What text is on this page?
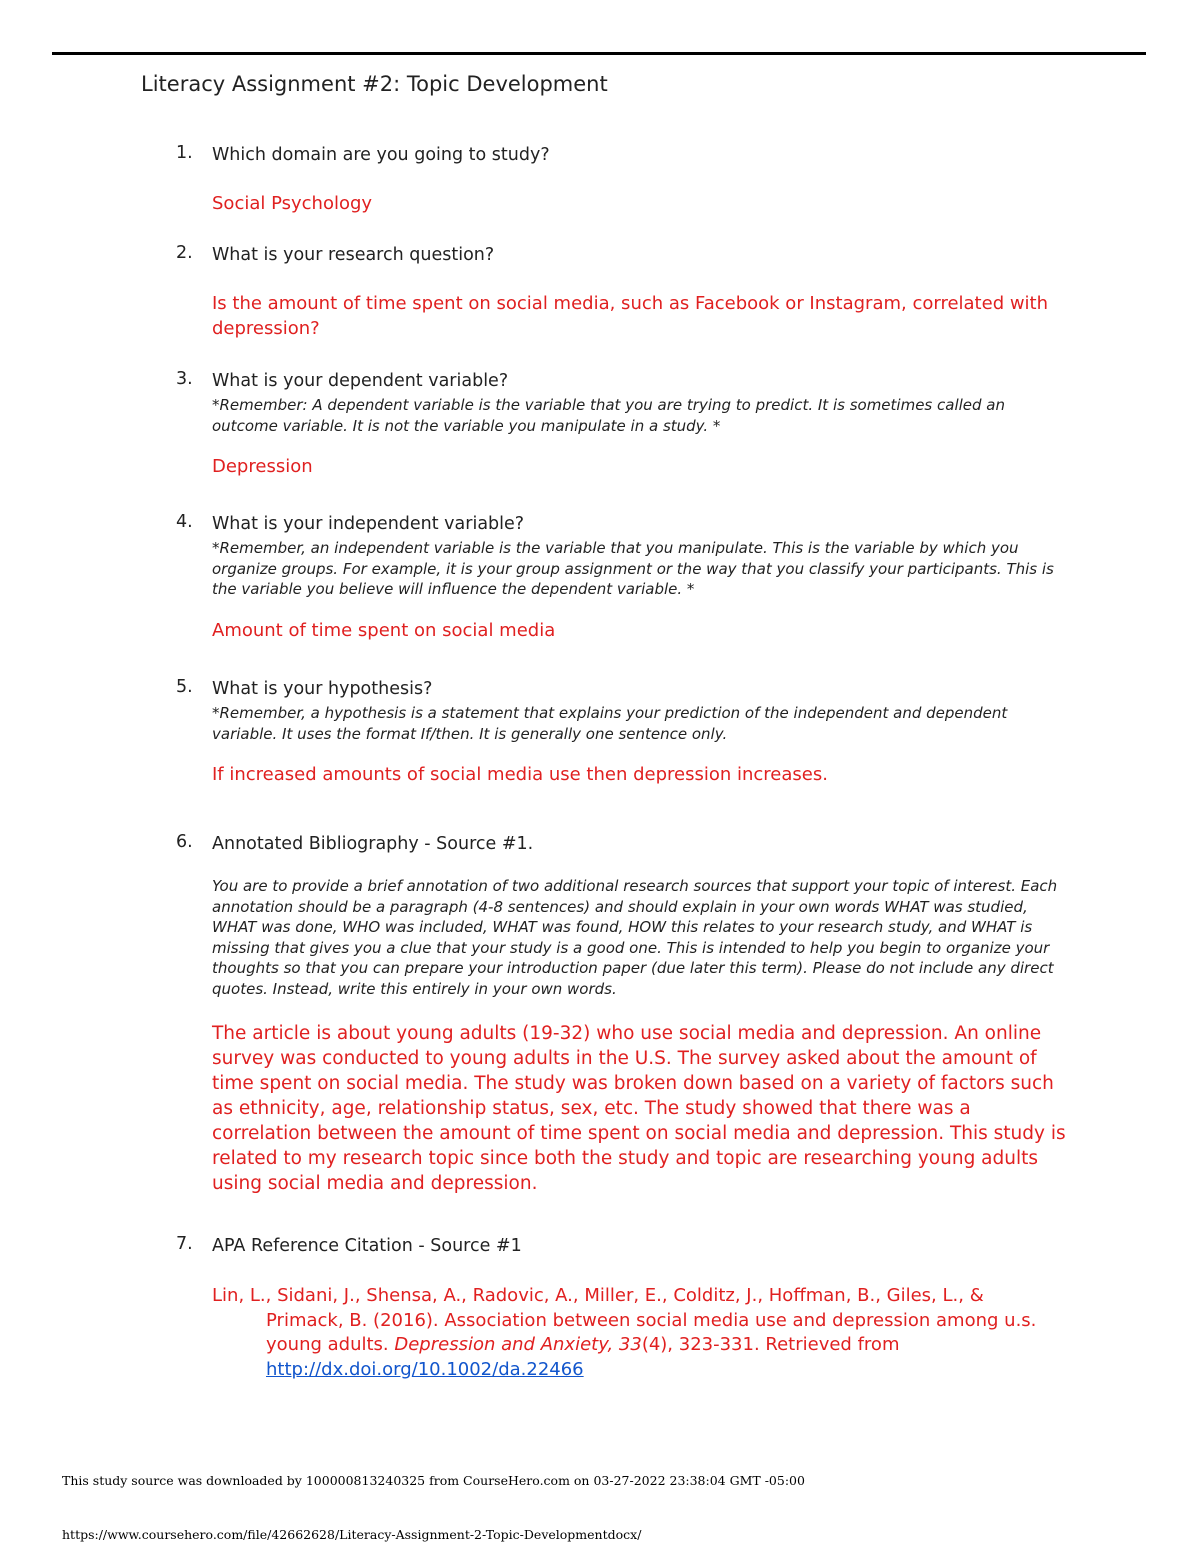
Literacy Assignment #2: Topic Development
1. Which domain are you going to study?
Social Psychology
2. What is your research question?
Is the amount of time spent on social media, such as Facebook or Instagram, correlated with depression?
3. What is your dependent variable?
*Remember: A dependent variable is the variable that you are trying to predict. It is sometimes called an outcome variable. It is not the variable you manipulate in a study. *
Depression
4. What is your independent variable?
*Remember, an independent variable is the variable that you manipulate. This is the variable by which you organize groups. For example, it is your group assignment or the way that you classify your participants. This is the variable you believe will influence the dependent variable. *
Amount of time spent on social media
5. What is your hypothesis?
*Remember, a hypothesis is a statement that explains your prediction of the independent and dependent variable. It uses the format If/then. It is generally one sentence only.
If increased amounts of social media use then depression increases.
6. Annotated Bibliography - Source #1.
You are to provide a brief annotation of two additional research sources that support your topic of interest. Each annotation should be a paragraph (4-8 sentences) and should explain in your own words WHAT was studied, WHAT was done, WHO was included, WHAT was found, HOW this relates to your research study, and WHAT is missing that gives you a clue that your study is a good one. This is intended to help you begin to organize your thoughts so that you can prepare your introduction paper (due later this term). Please do not include any direct quotes. Instead, write this entirely in your own words.
The article is about young adults (19-32) who use social media and depression. An online survey was conducted to young adults in the U.S. The survey asked about the amount of time spent on social media. The study was broken down based on a variety of factors such as ethnicity, age, relationship status, sex, etc. The study showed that there was a correlation between the amount of time spent on social media and depression. This study is related to my research topic since both the study and topic are researching young adults using social media and depression.
7. APA Reference Citation - Source #1
Lin, L., Sidani, J., Shensa, A., Radovic, A., Miller, E., Colditz, J., Hoffman, B., Giles, L., & Primack, B. (2016). Association between social media use and depression among u.s. young adults. Depression and Anxiety, 33(4), 323-331. Retrieved from http://dx.doi.org/10.1002/da.22466
This study source was downloaded by 100000813240325 from CourseHero.com on 03-27-2022 23:38:04 GMT -05:00
https://www.coursehero.com/file/42662628/Literacy-Assignment-2-Topic-Developmentdocx/
